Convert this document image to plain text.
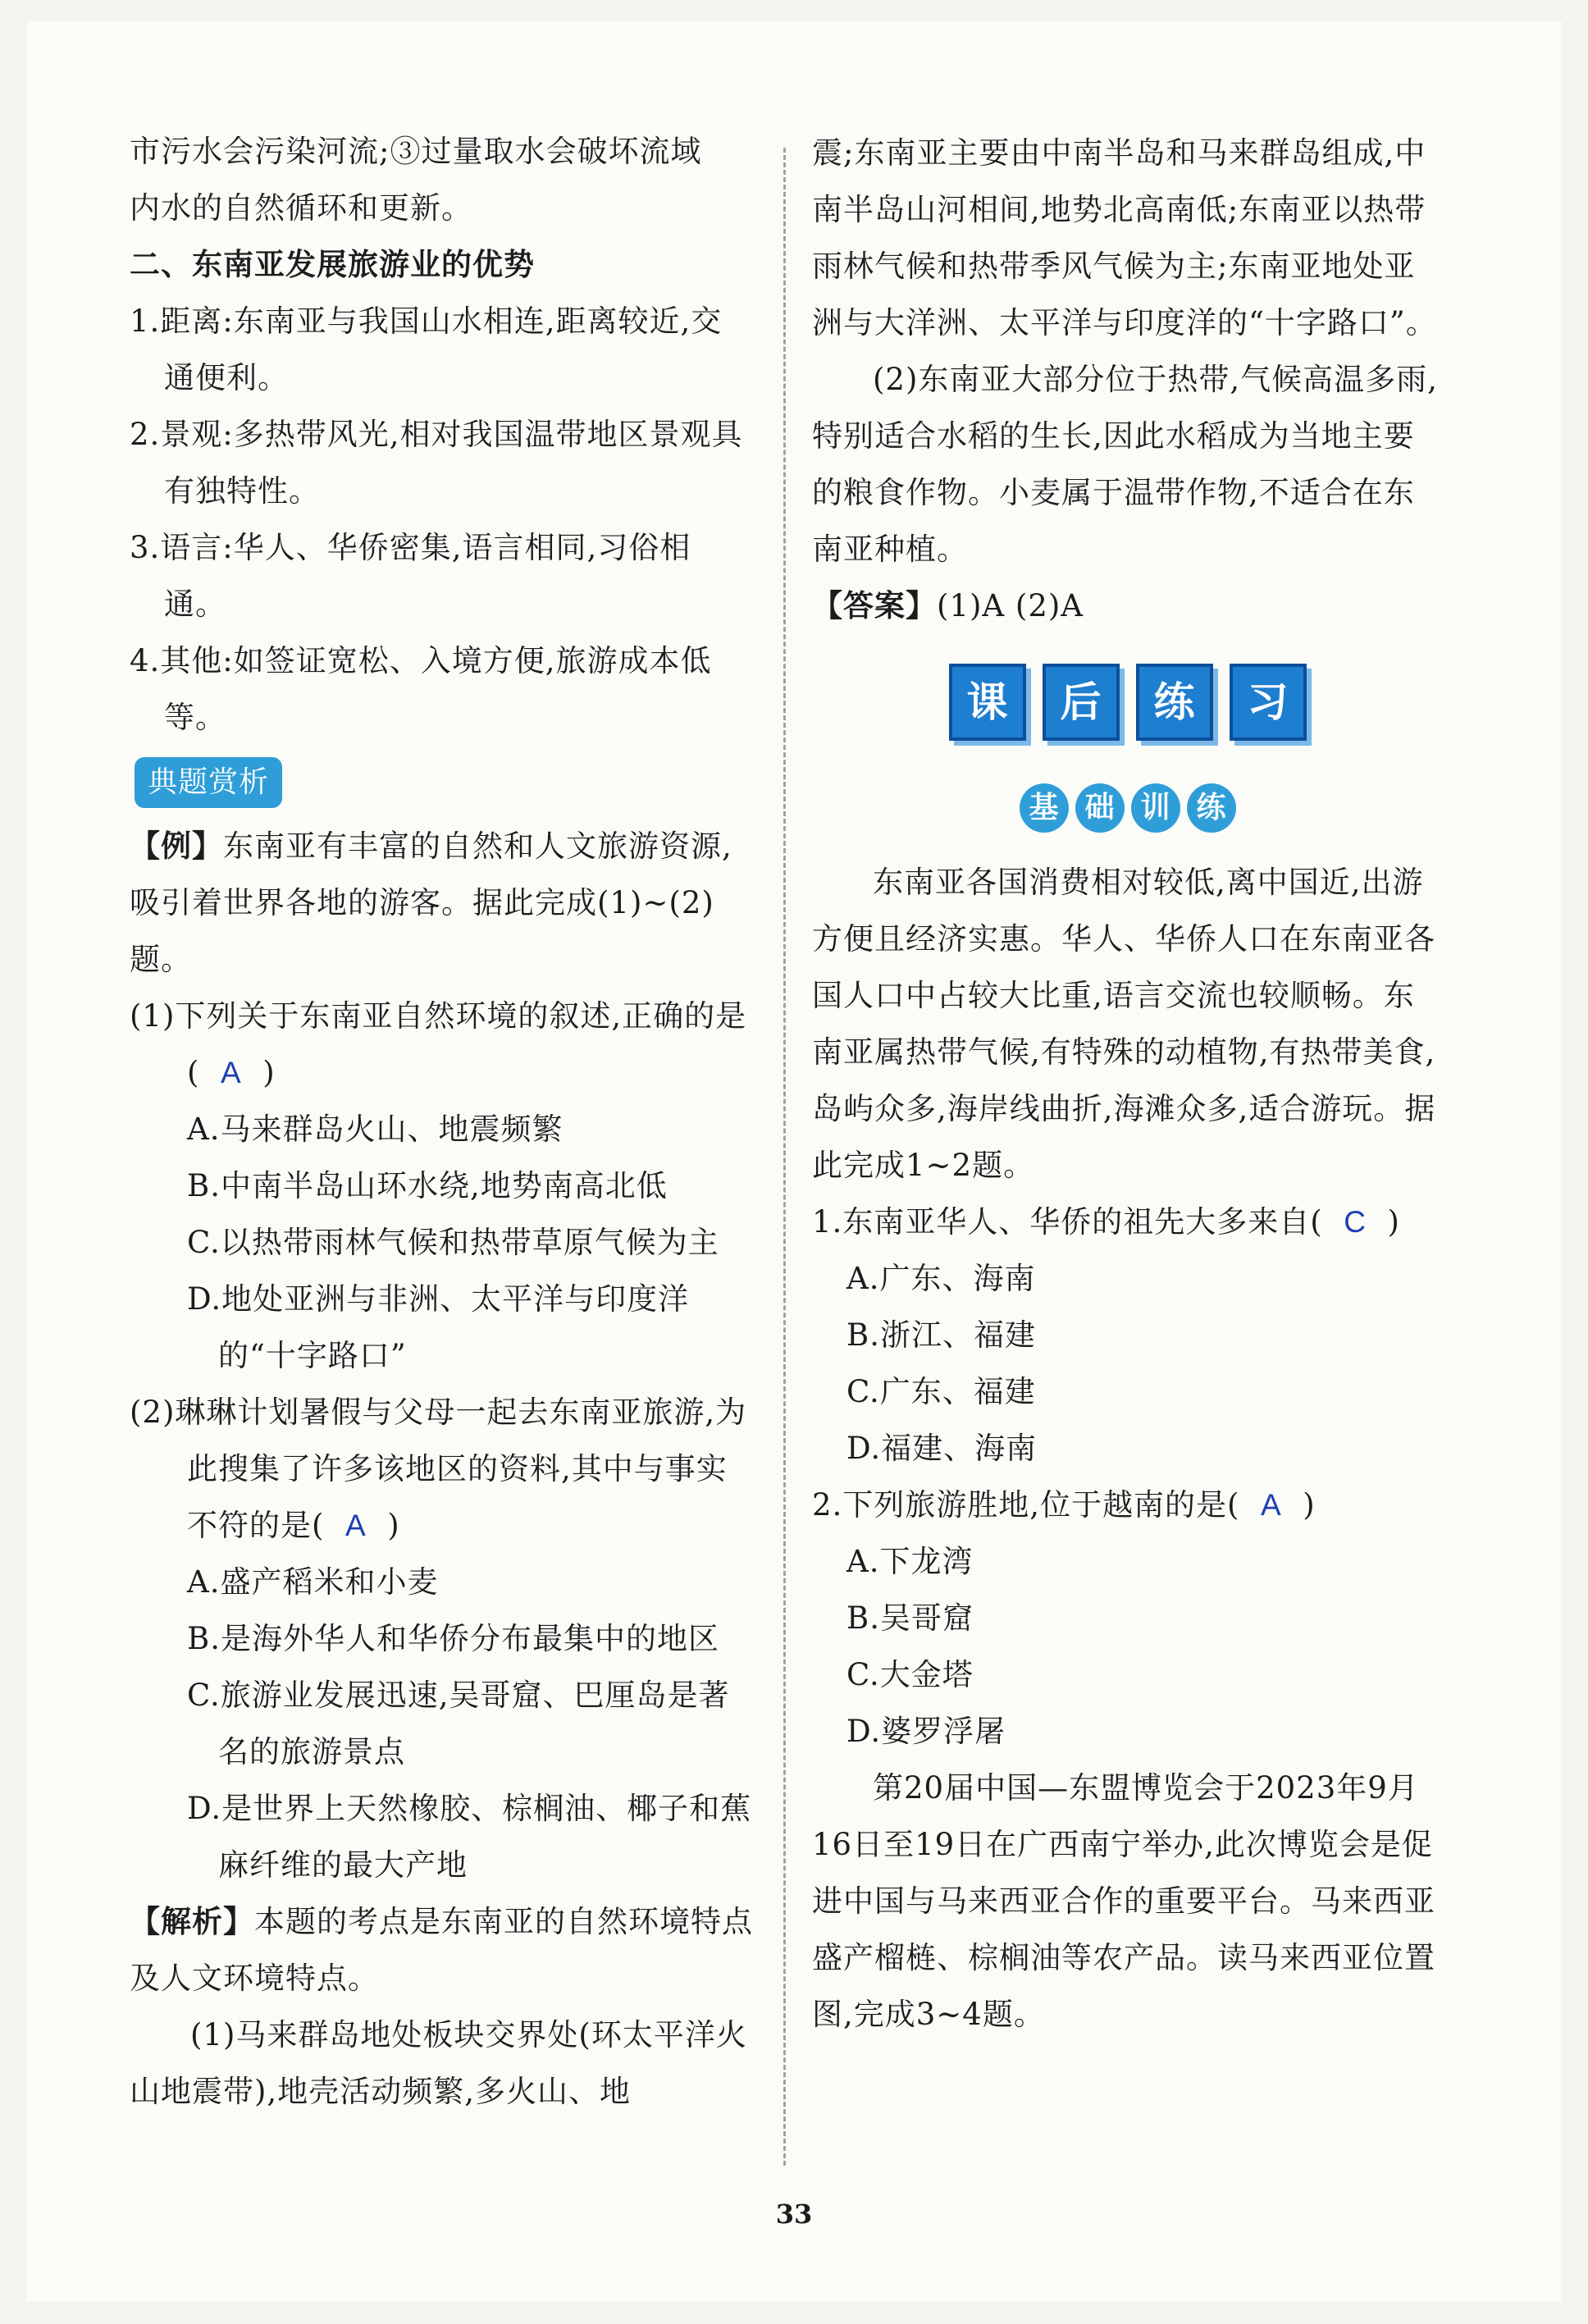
市污水会污染河流;③过量取水会破坏流域

内水的自然循环和更新。

二、东南亚发展旅游业的优势

1.距离:东南亚与我国山水相连,距离较近,交通便利。

2.景观:多热带风光,相对我国温带地区景观具有独特性。

3.语言:华人、华侨密集,语言相同,习俗相通。

4.其他:如签证宽松、入境方便,旅游成本低等。

典题赏析

【例】东南亚有丰富的自然和人文旅游资源,吸引着世界各地的游客。据此完成(1)~(2)题。

(1)下列关于东南亚自然环境的叙述,正确的是( A )

A.马来群岛火山、地震频繁

B.中南半岛山环水绕,地势南高北低

C.以热带雨林气候和热带草原气候为主

D.地处亚洲与非洲、太平洋与印度洋的“十字路口”

(2)琳琳计划暑假与父母一起去东南亚旅游,为此搜集了许多该地区的资料,其中与事实不符的是( A )

A.盛产稻米和小麦

B.是海外华人和华侨分布最集中的地区

C.旅游业发展迅速,吴哥窟、巴厘岛是著名的旅游景点

D.是世界上天然橡胶、棕榈油、椰子和蕉麻纤维的最大产地

【解析】本题的考点是东南亚的自然环境特点及人文环境特点。

(1)马来群岛地处板块交界处(环太平洋火山地震带),地壳活动频繁,多火山、地

震;东南亚主要由中南半岛和马来群岛组成,中南半岛山河相间,地势北高南低;东南亚以热带雨林气候和热带季风气候为主;东南亚地处亚洲与大洋洲、太平洋与印度洋的“十字路口”。

(2)东南亚大部分位于热带,气候高温多雨,特别适合水稻的生长,因此水稻成为当地主要的粮食作物。小麦属于温带作物,不适合在东南亚种植。

【答案】(1)A (2)A

课 后 练 习
基 础 训 练

东南亚各国消费相对较低,离中国近,出游方便且经济实惠。华人、华侨人口在东南亚各国人口中占较大比重,语言交流也较顺畅。东南亚属热带气候,有特殊的动植物,有热带美食,岛屿众多,海岸线曲折,海滩众多,适合游玩。据此完成1~2题。

1.东南亚华人、华侨的祖先大多来自( C )

A.广东、海南

B.浙江、福建

C.广东、福建

D.福建、海南

2.下列旅游胜地,位于越南的是( A )

A.下龙湾

B.吴哥窟

C.大金塔

D.婆罗浮屠

第20届中国—东盟博览会于2023年9月16日至19日在广西南宁举办,此次博览会是促进中国与马来西亚合作的重要平台。马来西亚盛产榴梿、棕榈油等农产品。读马来西亚位置图,完成3~4题。

33
